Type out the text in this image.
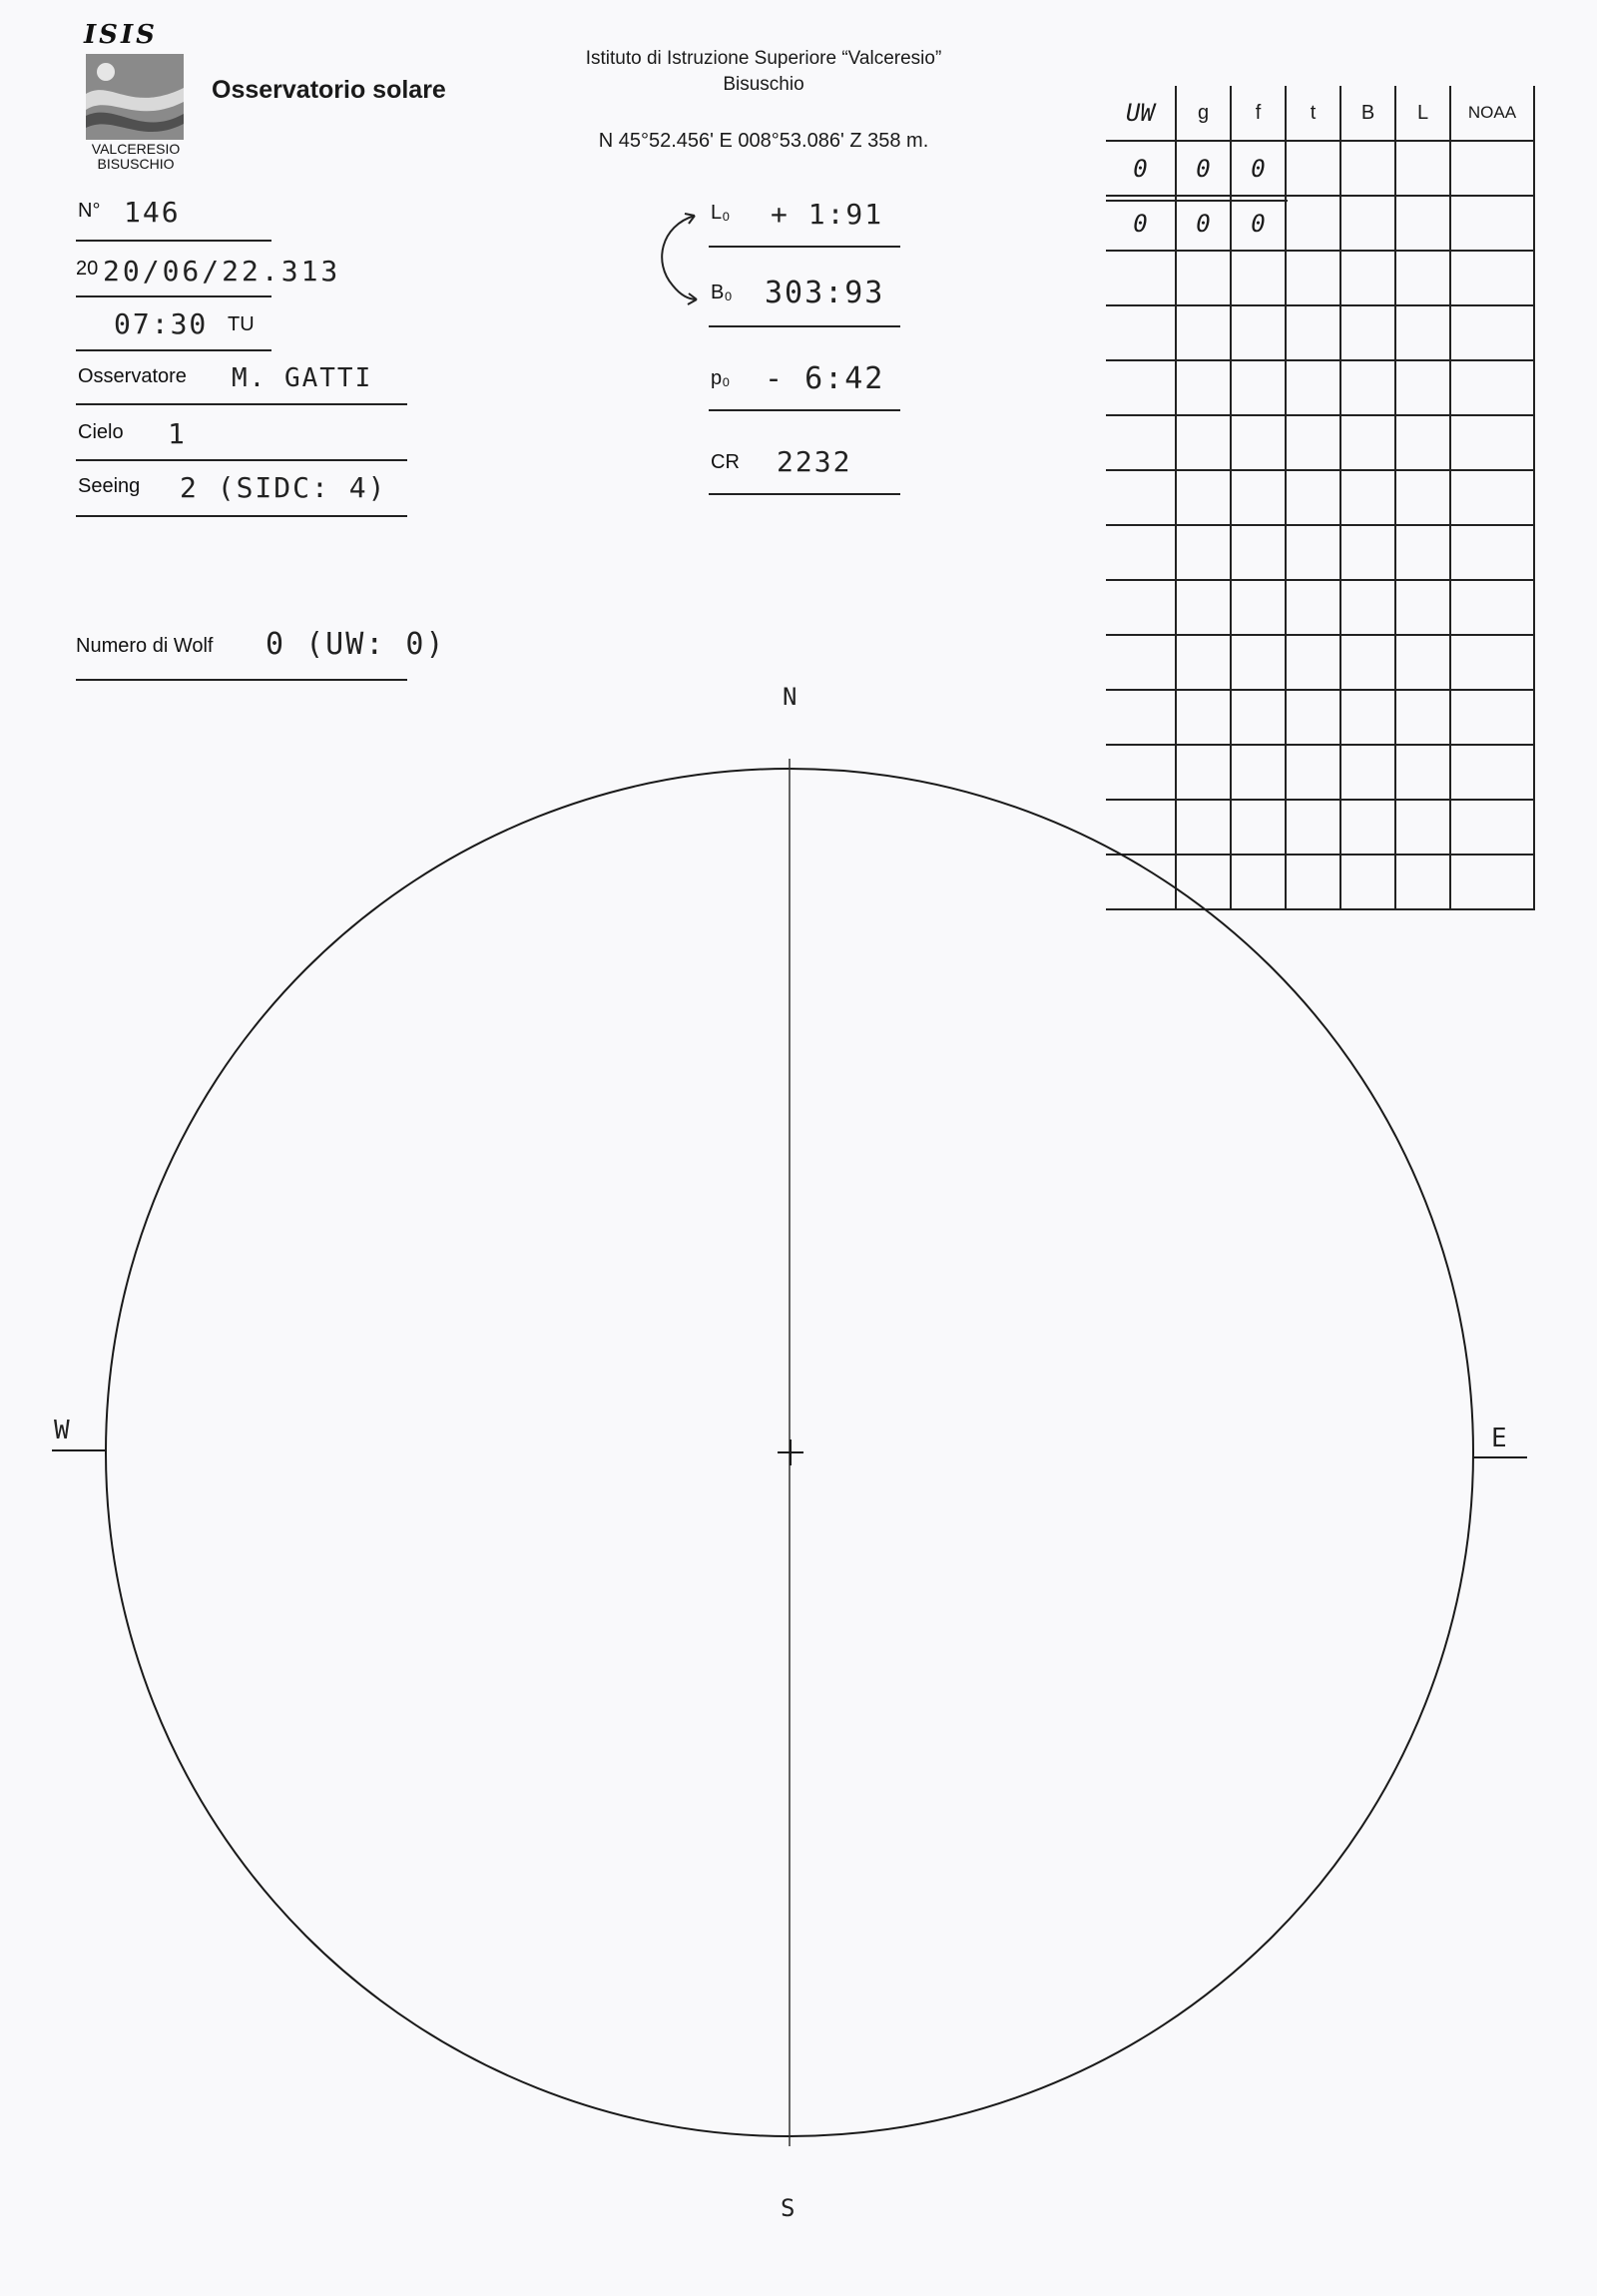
ISIS
VALCERESIO
BISUSCHIO
Osservatorio solare
Istituto di Istruzione Superiore “Valceresio”
Bisuschio
N 45°52.456' E 008°53.086' Z 358 m.
N° 146
20 20/06/22.313
07:30 TU
Osservatore M. GATTI
Cielo 1
Seeing 2 (SIDC: 4)
Numero di Wolf 0 (UW: 0)
L₀ + 1:91
B₀ 303:93
p₀ - 6:42
CR 2232
UW	g	f	t	B	L	NOAA
0	0	0				
0	0	0				

N
S
W	E
